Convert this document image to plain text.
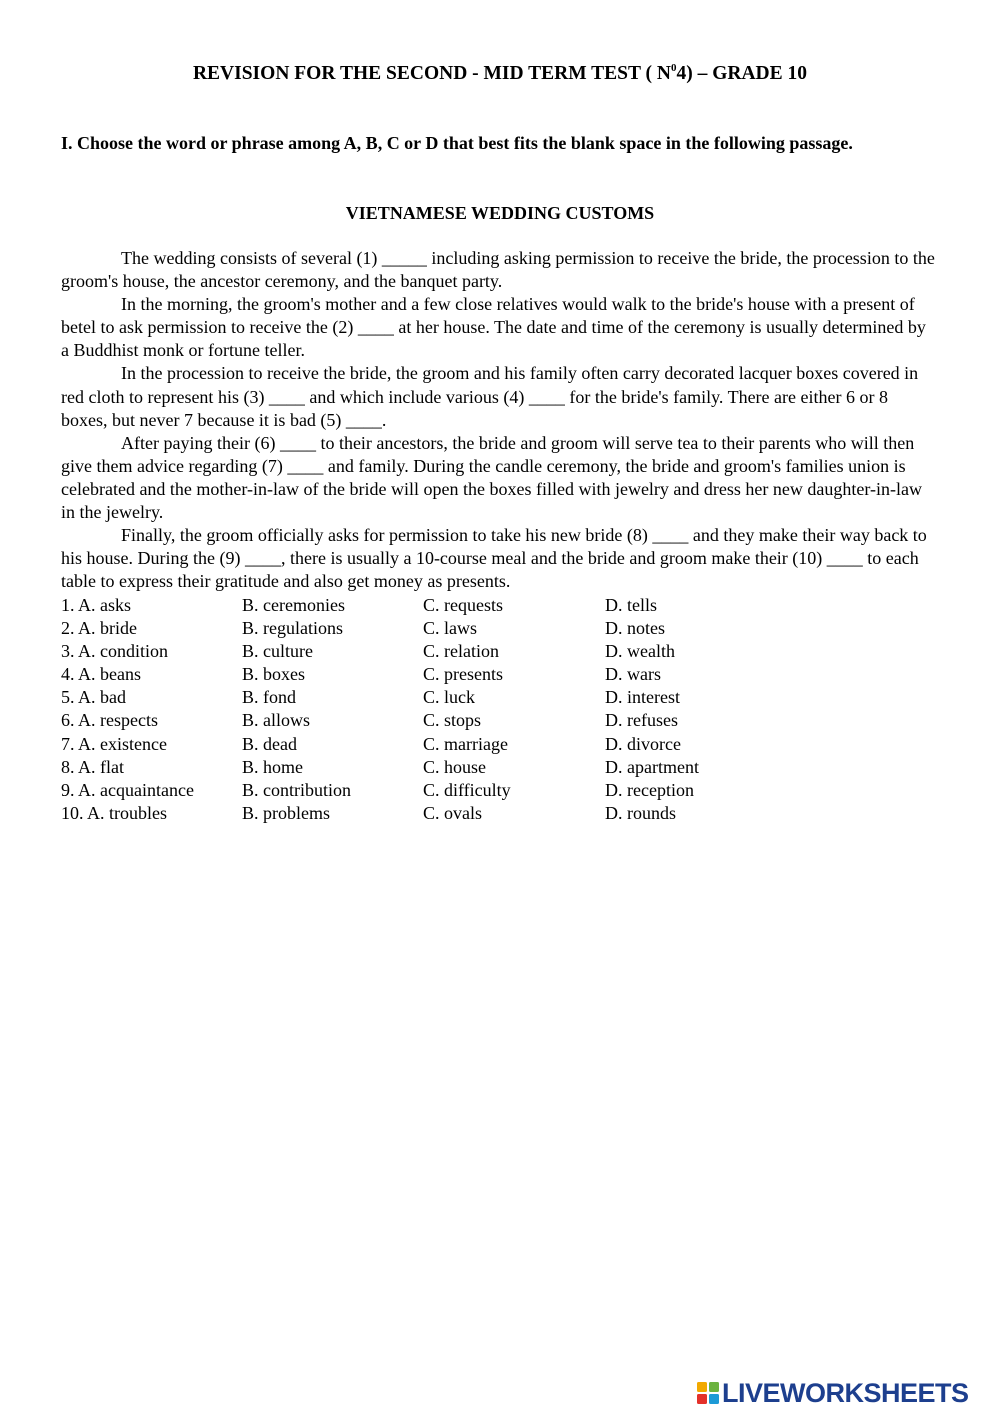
REVISION FOR THE SECOND - MID TERM TEST ( $N^04$) – GRADE 10
I. Choose the word or phrase among A, B, C or D that best fits the blank space in the following passage.
VIETNAMESE WEDDING CUSTOMS

The wedding consists of several (1) _____ including asking permission to receive the bride, the procession to the groom's house, the ancestor ceremony, and the banquet party.

In the morning, the groom's mother and a few close relatives would walk to the bride's house with a present of betel to ask permission to receive the (2) ____ at her house. The date and time of the ceremony is usually determined by a Buddhist monk or fortune teller.

In the procession to receive the bride, the groom and his family often carry decorated lacquer boxes covered in red cloth to represent his (3) ____ and which include various (4) ____ for the bride's family. There are either 6 or 8 boxes, but never 7 because it is bad (5) ____.

After paying their (6) ____ to their ancestors, the bride and groom will serve tea to their parents who will then give them advice regarding (7) ____ and family. During the candle ceremony, the bride and groom's families union is celebrated and the mother-in-law of the bride will open the boxes filled with jewelry and dress her new daughter-in-law in the jewelry.

Finally, the groom officially asks for permission to take his new bride (8) ____ and they make their way back to his house. During the (9) ____, there is usually a 10-course meal and the bride and groom make their (10) ____ to each table to express their gratitude and also get money as presents.

1. A. asks	B. ceremonies	C. requests	D. tells
2. A. bride	B. regulations	C. laws	D. notes
3. A. condition	B. culture	C. relation	D. wealth
4. A. beans	B. boxes	C. presents	D. wars
5. A. bad	B. fond	C. luck	D. interest
6. A. respects	B. allows	C. stops	D. refuses
7. A. existence	B. dead	C. marriage	D. divorce
8. A. flat	B. home	C. house	D. apartment
9. A. acquaintance	B. contribution	C. difficulty	D. reception
10. A. troubles	B. problems	C. ovals	D. rounds
LIVEWORKSHEETS
